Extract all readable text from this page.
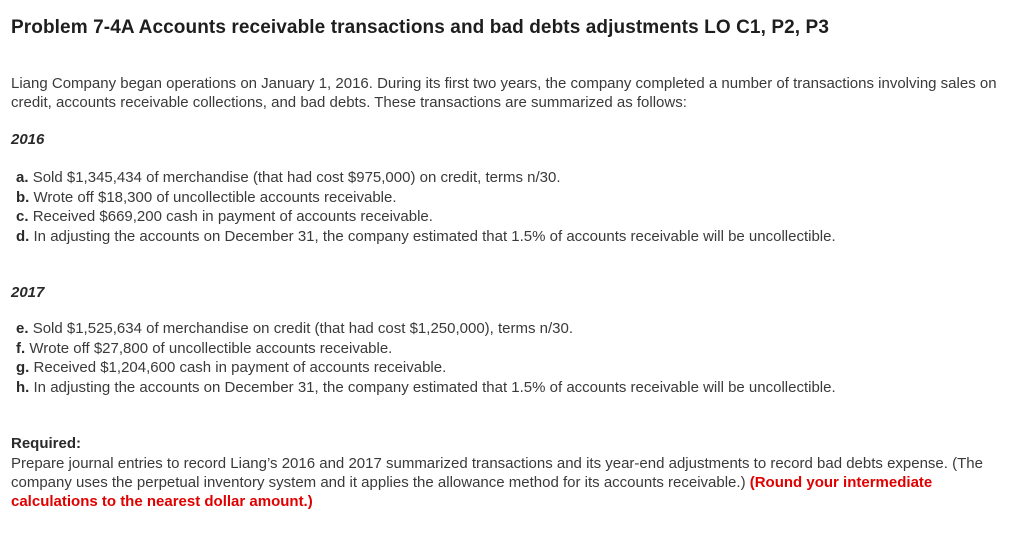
Problem 7-4A Accounts receivable transactions and bad debts adjustments LO C1, P2, P3
Liang Company began operations on January 1, 2016. During its first two years, the company completed a number of transactions involving sales on credit, accounts receivable collections, and bad debts. These transactions are summarized as follows:
2016
a. Sold $1,345,434 of merchandise (that had cost $975,000) on credit, terms n/30.
b. Wrote off $18,300 of uncollectible accounts receivable.
c. Received $669,200 cash in payment of accounts receivable.
d. In adjusting the accounts on December 31, the company estimated that 1.5% of accounts receivable will be uncollectible.
2017
e. Sold $1,525,634 of merchandise on credit (that had cost $1,250,000), terms n/30.
f. Wrote off $27,800 of uncollectible accounts receivable.
g. Received $1,204,600 cash in payment of accounts receivable.
h. In adjusting the accounts on December 31, the company estimated that 1.5% of accounts receivable will be uncollectible.
Required:
Prepare journal entries to record Liang’s 2016 and 2017 summarized transactions and its year-end adjustments to record bad debts expense. (The company uses the perpetual inventory system and it applies the allowance method for its accounts receivable.) (Round your intermediate calculations to the nearest dollar amount.)
